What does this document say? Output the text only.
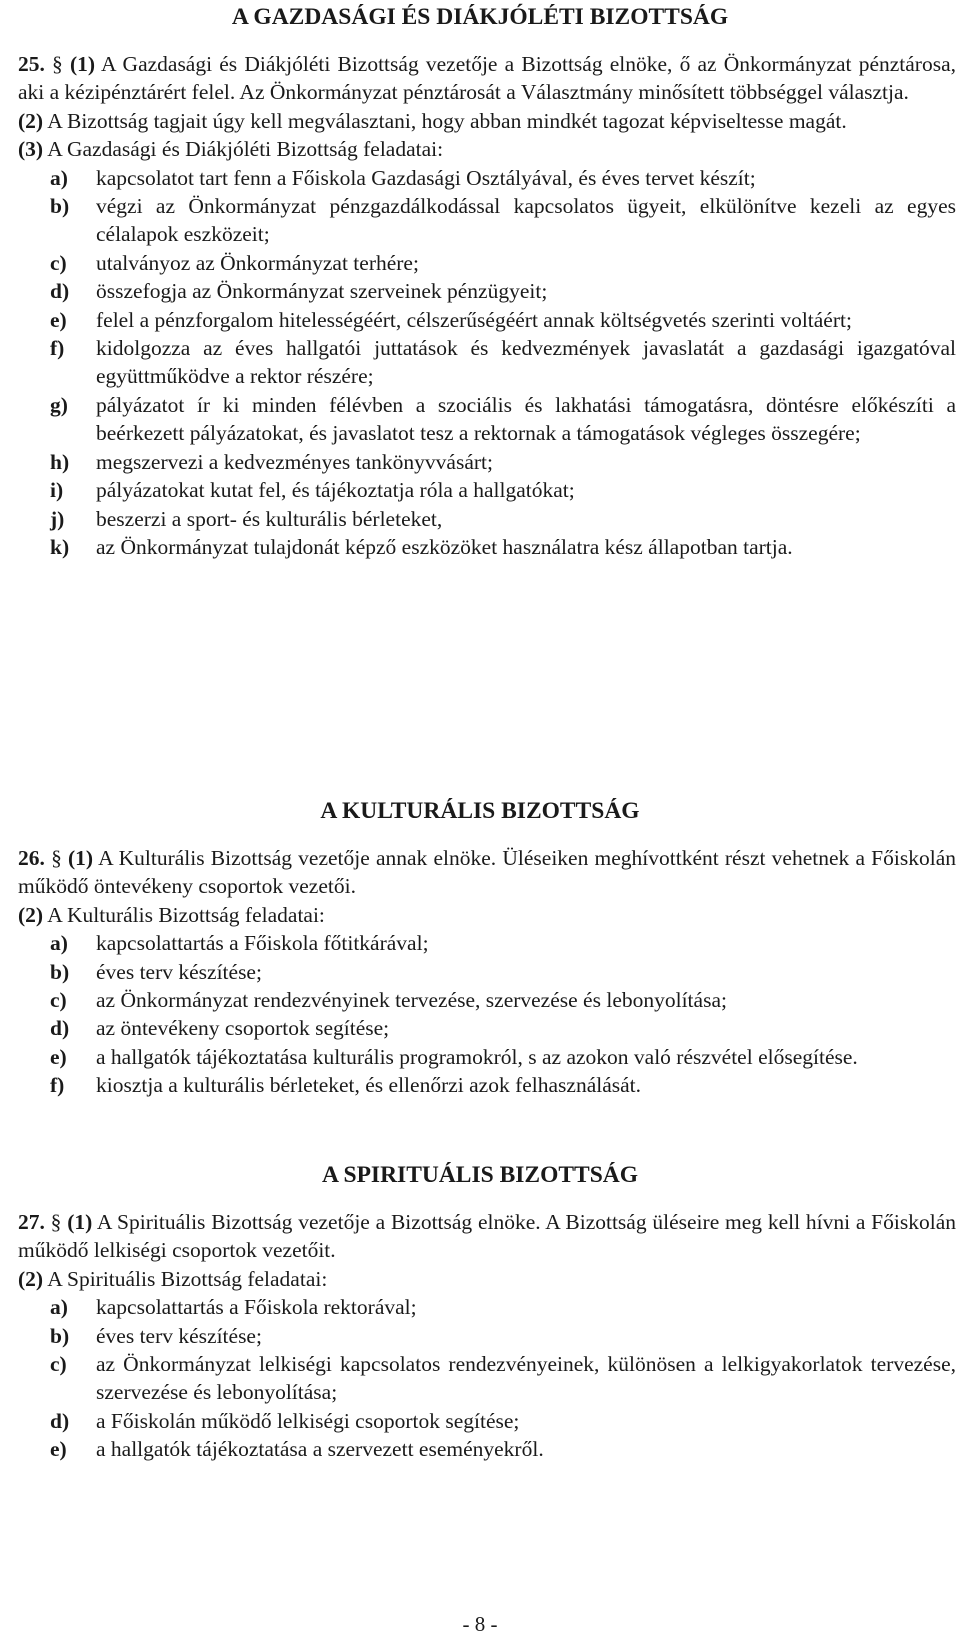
A GAZDASÁGI ÉS DIÁKJÓLÉTI BIZOTTSÁG

25. § (1) A Gazdasági és Diákjóléti Bizottság vezetője a Bizottság elnöke, ő az Önkormányzat pénztárosa, aki a kézipénztárért felel. Az Önkormányzat pénztárosát a Választmány minősített többséggel választja.

(2) A Bizottság tagjait úgy kell megválasztani, hogy abban mindkét tagozat képviseltesse magát.

(3) A Gazdasági és Diákjóléti Bizottság feladatai:

a)	kapcsolatot tart fenn a Főiskola Gazdasági Osztályával, és éves tervet készít;
b)	végzi az Önkormányzat pénzgazdálkodással kapcsolatos ügyeit, elkülönítve kezeli az egyes célalapok eszközeit;
c)	utalványoz az Önkormányzat terhére;
d)	összefogja az Önkormányzat szerveinek pénzügyeit;
e)	felel a pénzforgalom hitelességéért, célszerűségéért annak költségvetés szerinti voltáért;
f)	kidolgozza az éves hallgatói juttatások és kedvezmények javaslatát a gazdasági igazgatóval együttműködve a rektor részére;
g)	pályázatot ír ki minden félévben a szociális és lakhatási támogatásra, döntésre előkészíti a beérkezett pályázatokat, és javaslatot tesz a rektornak a támogatások végleges összegére;
h)	megszervezi a kedvezményes tankönyvvásárt;
i)	pályázatokat kutat fel, és tájékoztatja róla a hallgatókat;
j)	beszerzi a sport- és kulturális bérleteket,
k)	az Önkormányzat tulajdonát képző eszközöket használatra kész állapotban tartja.
A KULTURÁLIS BIZOTTSÁG

26. § (1) A Kulturális Bizottság vezetője annak elnöke. Üléseiken meghívottként részt vehetnek a Főiskolán működő öntevékeny csoportok vezetői.

(2) A Kulturális Bizottság feladatai:

a)	kapcsolattartás a Főiskola főtitkárával;
b)	éves terv készítése;
c)	az Önkormányzat rendezvényinek tervezése, szervezése és lebonyolítása;
d)	az öntevékeny csoportok segítése;
e)	a hallgatók tájékoztatása kulturális programokról, s az azokon való részvétel elősegítése.
f)	kiosztja a kulturális bérleteket, és ellenőrzi azok felhasználását.
A SPIRITUÁLIS BIZOTTSÁG

27. § (1) A Spirituális Bizottság vezetője a Bizottság elnöke. A Bizottság üléseire meg kell hívni a Főiskolán működő lelkiségi csoportok vezetőit.

(2) A Spirituális Bizottság feladatai:

a)	kapcsolattartás a Főiskola rektorával;
b)	éves terv készítése;
c)	az Önkormányzat lelkiségi kapcsolatos rendezvényeinek, különösen a lelkigyakorlatok tervezése, szervezése és lebonyolítása;
d)	a Főiskolán működő lelkiségi csoportok segítése;
e)	a hallgatók tájékoztatása a szervezett eseményekről.
- 8 -
